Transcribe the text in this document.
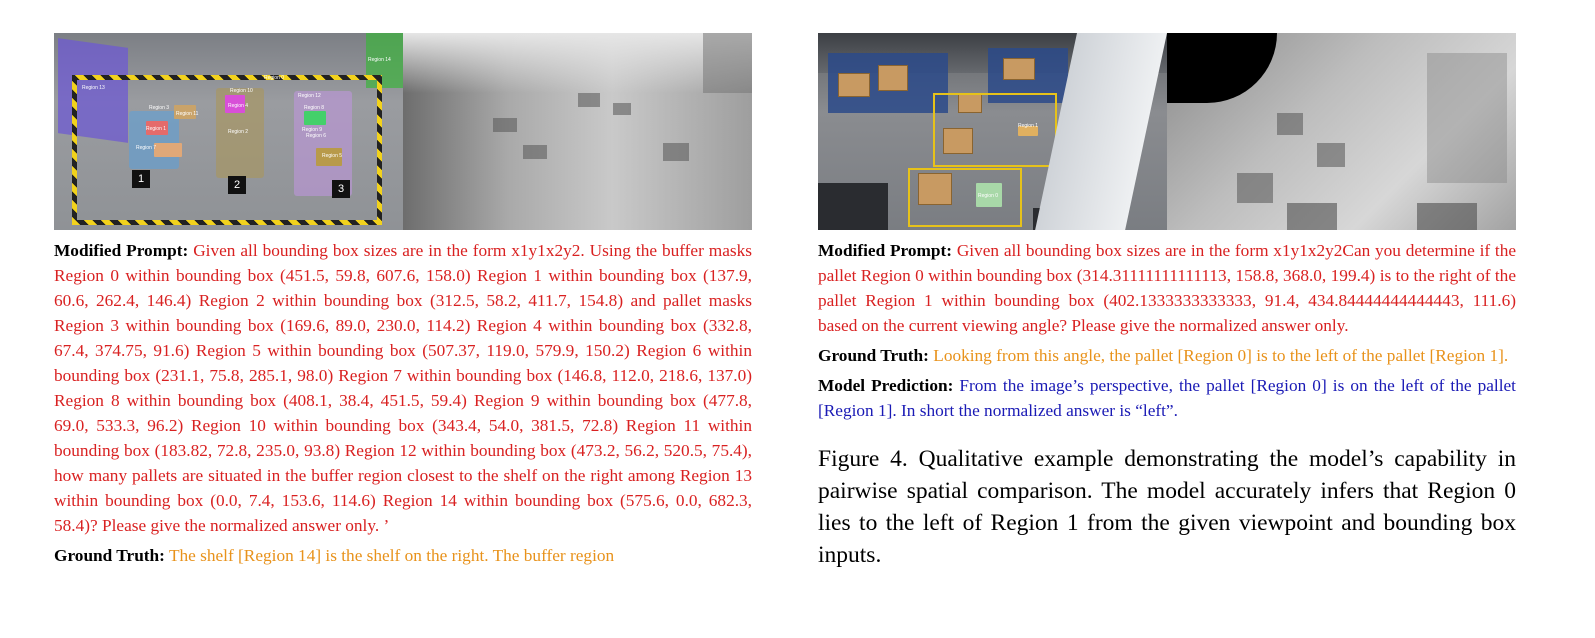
Region 13
Region 14
Region 0
Region 10
Region 12
Region 4	Region 8
Region 3
Region 1
Region 11
Region 7
Region 2	Region 9
Region 6
Region 5
1	2	3

Modified Prompt: Given all bounding box sizes are in the form x1y1x2y2. Using the buffer masks Region 0 within bounding box (451.5, 59.8, 607.6, 158.0) Region 1 within bounding box (137.9, 60.6, 262.4, 146.4) Region 2 within bounding box (312.5, 58.2, 411.7, 154.8) and pallet masks Region 3 within bounding box (169.6, 89.0, 230.0, 114.2) Region 4 within bounding box (332.8, 67.4, 374.75, 91.6) Region 5 within bounding box (507.37, 119.0, 579.9, 150.2) Region 6 within bounding box (231.1, 75.8, 285.1, 98.0) Region 7 within bounding box (146.8, 112.0, 218.6, 137.0) Region 8 within bounding box (408.1, 38.4, 451.5, 59.4) Region 9 within bounding box (477.8, 69.0, 533.3, 96.2) Region 10 within bounding box (343.4, 54.0, 381.5, 72.8) Region 11 within bounding box (183.82, 72.8, 235.0, 93.8) Region 12 within bounding box (473.2, 56.2, 520.5, 75.4), how many pallets are situated in the buffer region closest to the shelf on the right among Region 13 within bounding box (0.0, 7.4, 153.6, 114.6) Region 14 within bounding box (575.6, 0.0, 682.3, 58.4)? Please give the normalized answer only. ’

Ground Truth: The shelf [Region 14] is the shelf on the right. The buffer region

Region 1
Region 0

Modified Prompt: Given all bounding box sizes are in the form x1y1x2y2Can you determine if the pallet Region 0 within bounding box (314.31111111111113, 158.8, 368.0, 199.4) is to the right of the pallet Region 1 within bounding box (402.1333333333333, 91.4, 434.84444444444443, 111.6) based on the current viewing angle? Please give the normalized answer only.

Ground Truth: Looking from this angle, the pallet [Region 0] is to the left of the pallet [Region 1].

Model Prediction: From the image’s perspective, the pallet [Region 0] is on the left of the pallet [Region 1]. In short the normalized answer is “left”.

Figure 4. Qualitative example demonstrating the model’s capability in pairwise spatial comparison. The model accurately infers that Region 0 lies to the left of Region 1 from the given viewpoint and bounding box inputs.
